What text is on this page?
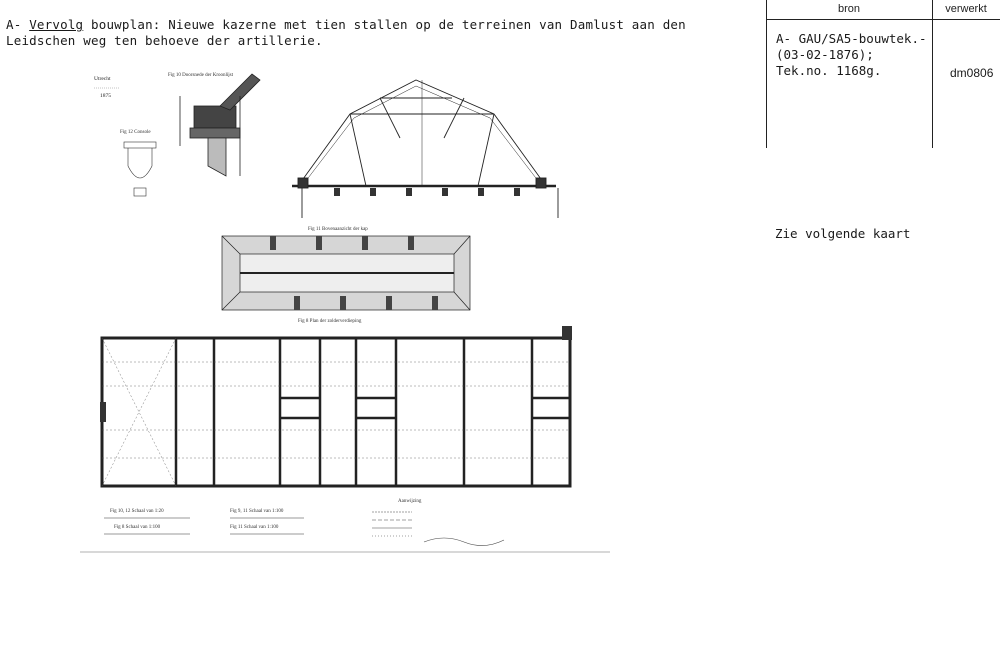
A- Vervolg bouwplan: Nieuwe kazerne met tien stallen op de terreinen van Damlust aan den
Leidschen weg ten behoeve der artillerie.
bron	verwerkt
A- GAU/SA5-bouwtek.-
(03-02-1876);
Tek.no. 1168g.	dm0806
Zie volgende kaart
Utrecht
1875
Fig 10 Doorsnede der Kroonlijst
Fig 12 Console
Fig 11 Bovenaanzicht der kap
Fig 8 Plan der zolderverdieping
Fig 10, 12 Schaal van 1:20
Fig 8 Schaal van 1:100
Fig 9, 11 Schaal van 1:100
Fig 11 Schaal van 1:100
Aanwijzing
